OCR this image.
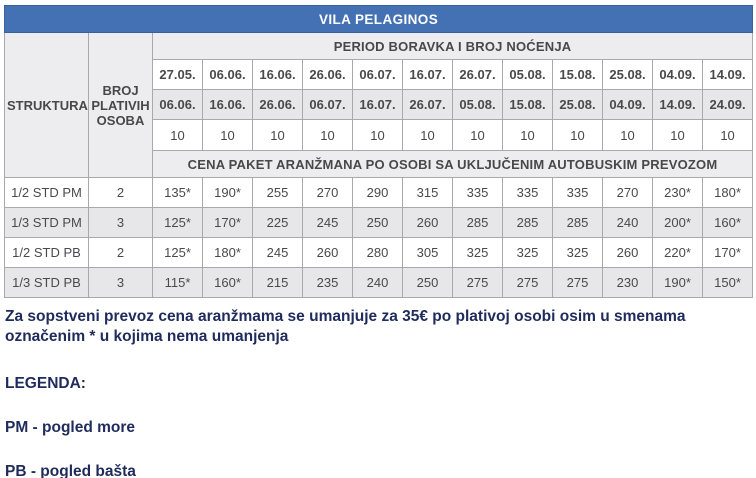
VILA PELAGINOS													
STRUKTURA	BROJ PLATIVIH OSOBA	PERIOD BORAVKA I BROJ NOĆENJA											
		27.05.	06.06.	16.06.	26.06.	06.07.	16.07.	26.07.	05.08.	15.08.	25.08.	04.09.	14.09.
		06.06.	16.06.	26.06.	06.07.	16.07.	26.07.	05.08.	15.08.	25.08.	04.09.	14.09.	24.09.
		10	10	10	10	10	10	10	10	10	10	10	10
		CENA PAKET ARANŽMANA PO OSOBI SA UKLJUČENIM AUTOBUSKIM PREVOZOM											
1/2 STD PM	2	135*	190*	255	270	290	315	335	335	335	270	230*	180*
1/3 STD PM	3	125*	170*	225	245	250	260	285	285	285	240	200*	160*
1/2 STD PB	2	125*	180*	245	260	280	305	325	325	325	260	220*	170*
1/3 STD PB	3	115*	160*	215	235	240	250	275	275	275	230	190*	150*

Za sopstveni prevoz cena aranžmama se umanjuje za 35€ po plativoj osobi osim u smenama označenim * u kojima nema umanjenja

LEGENDA:

PM - pogled more

PB - pogled bašta
